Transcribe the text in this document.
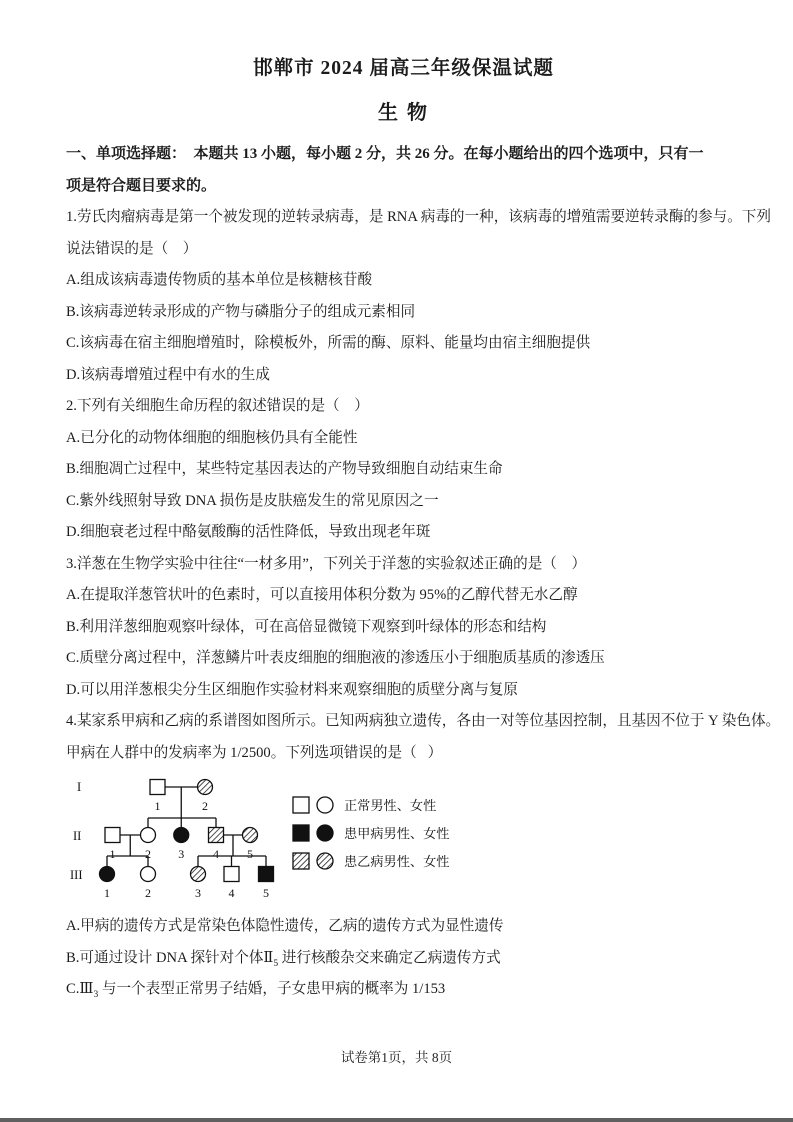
邯郸市 2024 届高三年级保温试题
生 物

一、单项选择题：  本题共 13 小题，每小题 2 分，共 26 分。在每小题给出的四个选项中，只有一

项是符合题目要求的。

1.劳氏肉瘤病毒是第一个被发现的逆转录病毒，是 RNA 病毒的一种，该病毒的增殖需要逆转录酶的参与。下列

说法错误的是（    ）

A.组成该病毒遗传物质的基本单位是核糖核苷酸

B.该病毒逆转录形成的产物与磷脂分子的组成元素相同

C.该病毒在宿主细胞增殖时，除模板外，所需的酶、原料、能量均由宿主细胞提供

D.该病毒增殖过程中有水的生成

2.下列有关细胞生命历程的叙述错误的是（    ）

A.已分化的动物体细胞的细胞核仍具有全能性

B.细胞凋亡过程中，某些特定基因表达的产物导致细胞自动结束生命

C.紫外线照射导致 DNA 损伤是皮肤癌发生的常见原因之一

D.细胞衰老过程中酪氨酸酶的活性降低，导致出现老年斑

3.洋葱在生物学实验中往往“一材多用”，下列关于洋葱的实验叙述正确的是（    ）

A.在提取洋葱管状叶的色素时，可以直接用体积分数为 95%的乙醇代替无水乙醇

B.利用洋葱细胞观察叶绿体，可在高倍显微镜下观察到叶绿体的形态和结构

C.质壁分离过程中，洋葱鳞片叶表皮细胞的细胞液的渗透压小于细胞质基质的渗透压

D.可以用洋葱根尖分生区细胞作实验材料来观察细胞的质壁分离与复原

4.某家系甲病和乙病的系谱图如图所示。已知两病独立遗传，各由一对等位基因控制，且基因不位于 Y 染色体。

甲病在人群中的发病率为 1/2500。下列选项错误的是（   ）

I
II
III
1	2
1 2 3 4 5
1	2	3 4 5
正常男性、女性
患甲病男性、女性
患乙病男性、女性

A.甲病的遗传方式是常染色体隐性遗传，乙病的遗传方式为显性遗传

B.可通过设计 DNA 探针对个体$Ⅱ_5$ 进行核酸杂交来确定乙病遗传方式

$C.Ⅲ_3$ 与一个表型正常男子结婚，子女患甲病的概率为 1/153

试卷第1页，共 8页
